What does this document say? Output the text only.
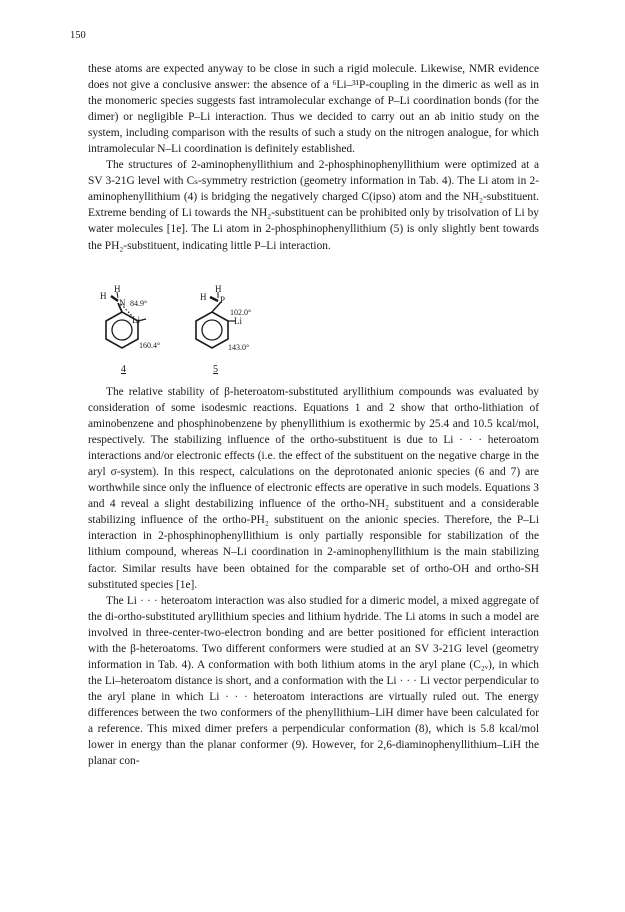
150

these atoms are expected anyway to be close in such a rigid molecule. Likewise, NMR evidence does not give a conclusive answer: the absence of a ⁶Li–³¹P-coupling in the dimeric as well as in the monomeric species suggests fast intramolecular exchange of P–Li coordination bonds (for the dimer) or negligible P–Li interaction. Thus we decided to carry out an ab initio study on the system, including comparison with the results of such a study on the nitrogen analogue, for which intramolecular N–Li coordination is definitely established.

The structures of 2-aminophenyllithium and 2-phosphinophenyllithium were optimized at a SV 3-21G level with Cₛ-symmetry restriction (geometry information in Tab. 4). The Li atom in 2-aminophenyllithium (4) is bridging the negatively charged C(ipso) atom and the NH₂-substituent. Extreme bending of Li towards the NH₂-substituent can be prohibited only by trisolvation of Li by water molecules [1e]. The Li atom in 2-phosphinophenyllithium (5) is only slightly bent towards the PH₂-substituent, indicating little P–Li interaction.

H
H
N 84.9°
Li
160.4°
4
H
H P
102.0°
Li
143.0°
5

The relative stability of β-heteroatom-substituted aryllithium compounds was evaluated by consideration of some isodesmic reactions. Equations 1 and 2 show that ortho-lithiation of aminobenzene and phosphinobenzene by phenyllithium is exothermic by 25.4 and 10.5 kcal/mol, respectively. The stabilizing influence of the ortho-substituent is due to Li · · · heteroatom interactions and/or electronic effects (i.e. the effect of the substituent on the negative charge in the aryl σ-system). In this respect, calculations on the deprotonated anionic species (6 and 7) are worthwhile since only the influence of electronic effects are operative in such models. Equations 3 and 4 reveal a slight destabilizing influence of the ortho-NH₂ substituent and a considerable stabilizing influence of the ortho-PH₂ substituent on the anionic species. Therefore, the P–Li interaction in 2-phosphinophenyllithium is only partially responsible for stabilization of the lithium compound, whereas N–Li coordination in 2-aminophenyllithium is the main stabilizing factor. Similar results have been obtained for the comparable set of ortho-OH and ortho-SH substituted species [1e].

The Li · · · heteroatom interaction was also studied for a dimeric model, a mixed aggregate of the di-ortho-substituted aryllithium species and lithium hydride. The Li atoms in such a model are involved in three-center-two-electron bonding and are better positioned for efficient interaction with the β-heteroatoms. Two different conformers were studied at an SV 3-21G level (geometry information in Tab. 4). A conformation with both lithium atoms in the aryl plane (C₂ᵥ), in which the Li–heteroatom distance is short, and a conformation with the Li · · · Li vector perpendicular to the aryl plane in which Li · · · heteroatom interactions are virtually ruled out. The energy differences between the two conformers of the phenyllithium–LiH dimer have been calculated for a reference. This mixed dimer prefers a perpendicular conformation (8), which is 5.8 kcal/mol lower in energy than the planar conformer (9). However, for 2,6-diaminophenyllithium–LiH the planar con-
